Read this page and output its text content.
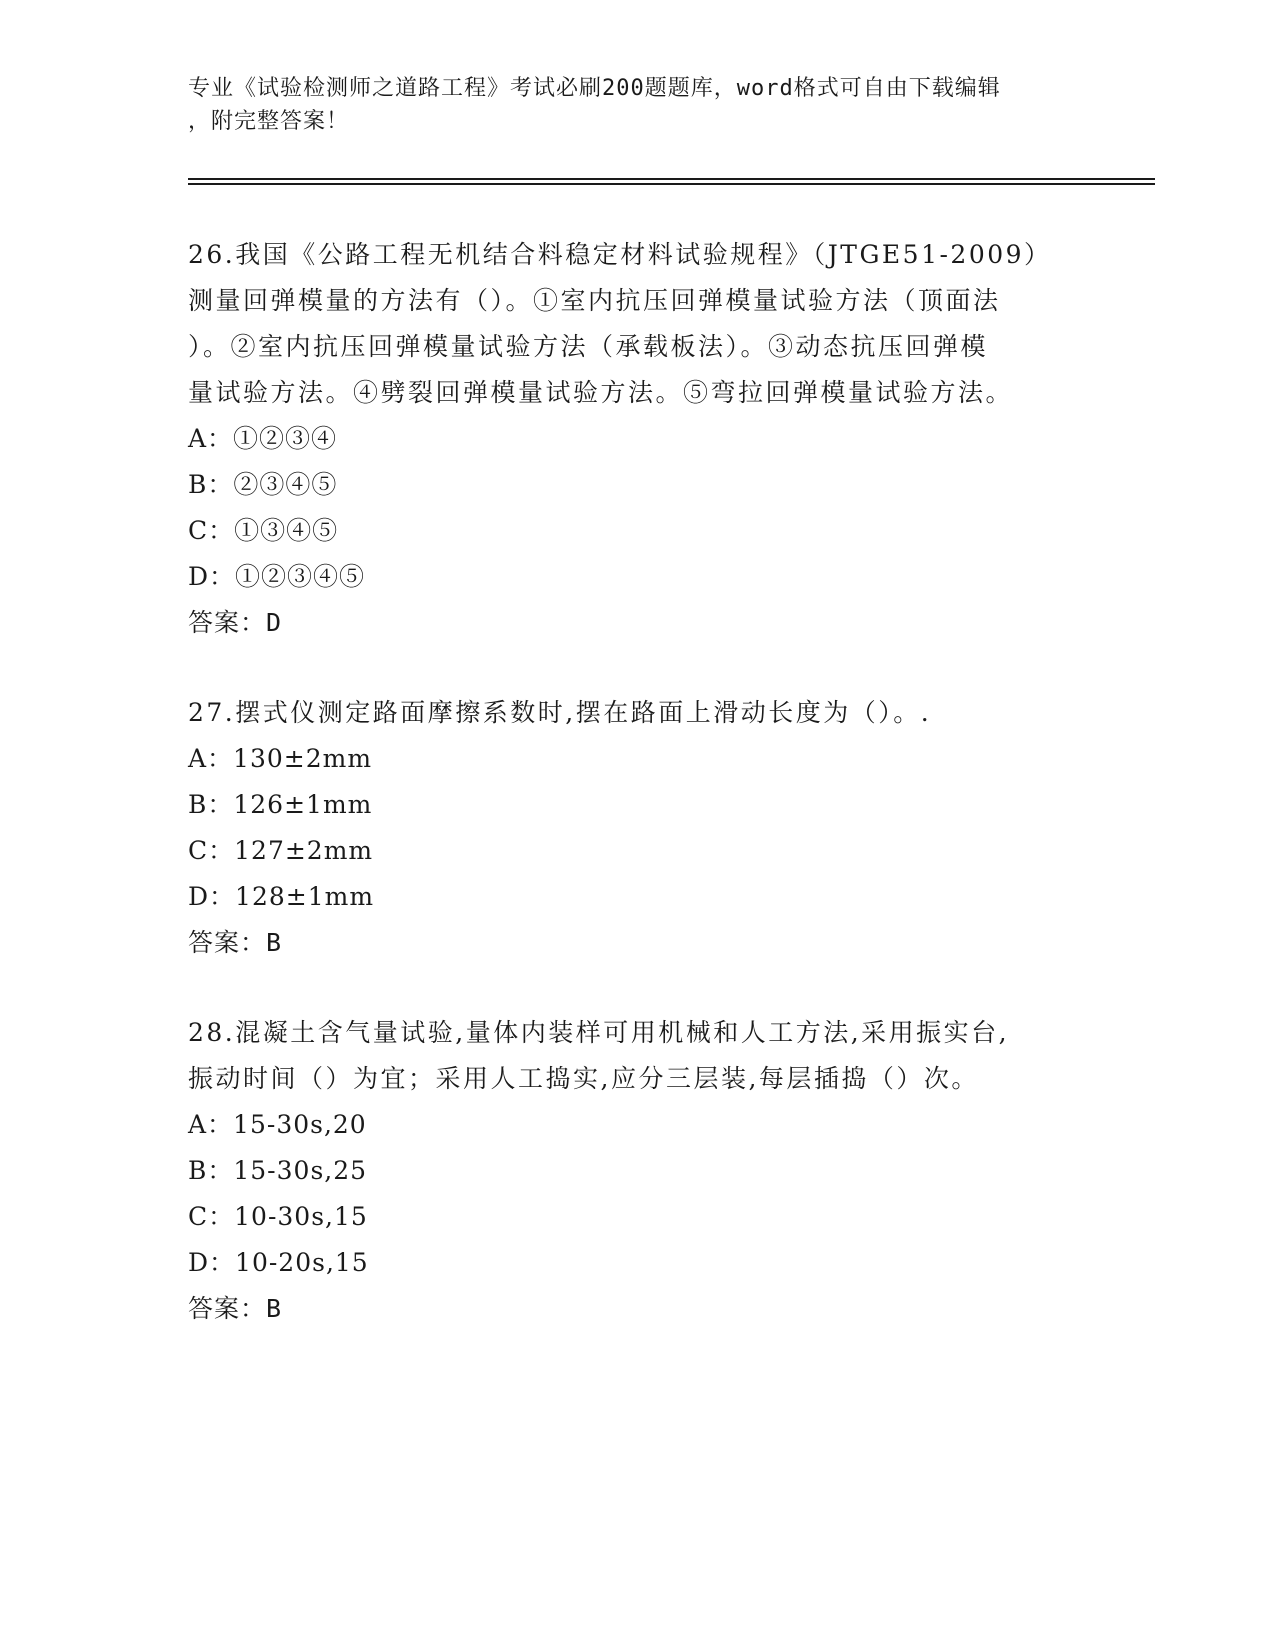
专业《试验检测师之道路工程》考试必刷200题题库，word格式可自由下载编辑
，附完整答案！

26.我国《公路工程无机结合料稳定材料试验规程》（JTGE51-2009）

测量回弹模量的方法有（）。①室内抗压回弹模量试验方法（顶面法

）。②室内抗压回弹模量试验方法（承载板法）。③动态抗压回弹模

量试验方法。④劈裂回弹模量试验方法。⑤弯拉回弹模量试验方法。

A：①②③④

B：②③④⑤

C：①③④⑤

D：①②③④⑤

答案：D

27.摆式仪测定路面摩擦系数时,摆在路面上滑动长度为（）。.

A：130±2mm

B：126±1mm

C：127±2mm

D：128±1mm

答案：B

28.混凝土含气量试验,量体内装样可用机械和人工方法,采用振实台,

振动时间（）为宜；采用人工捣实,应分三层装,每层插捣（）次。

A：15-30s,20

B：15-30s,25

C：10-30s,15

D：10-20s,15

答案：B
